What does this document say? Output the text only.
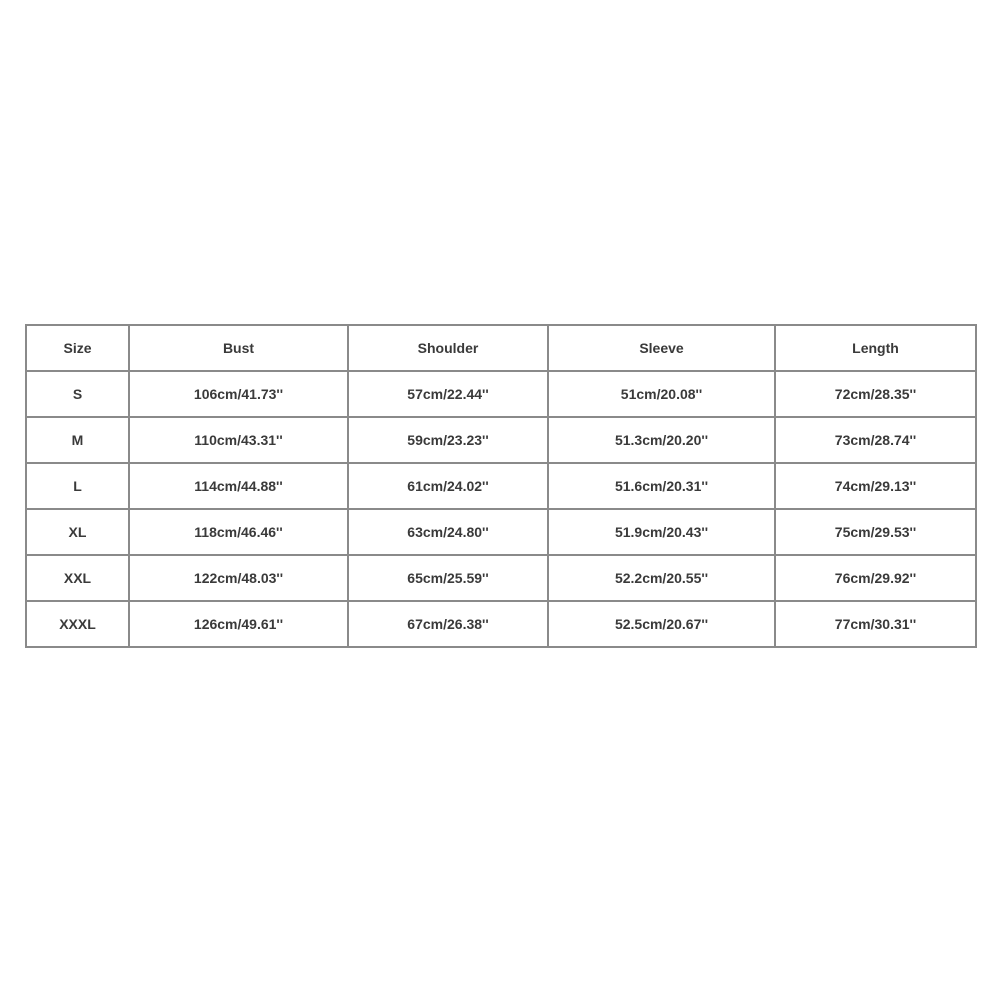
Size	Bust	Shoulder	Sleeve	Length
S	106cm/41.73''	57cm/22.44''	51cm/20.08''	72cm/28.35''
M	110cm/43.31''	59cm/23.23''	51.3cm/20.20''	73cm/28.74''
L	114cm/44.88''	61cm/24.02''	51.6cm/20.31''	74cm/29.13''
XL	118cm/46.46''	63cm/24.80''	51.9cm/20.43''	75cm/29.53''
XXL	122cm/48.03''	65cm/25.59''	52.2cm/20.55''	76cm/29.92''
XXXL	126cm/49.61''	67cm/26.38''	52.5cm/20.67''	77cm/30.31''
